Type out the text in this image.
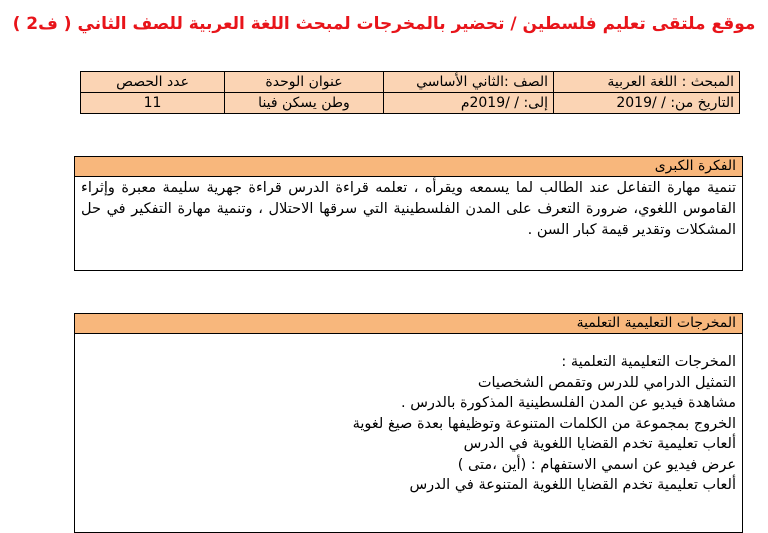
موقع ملتقى تعليم فلسطين / تحضير بالمخرجات لمبحث اللغة العربية للصف الثاني ( ف2 )
المبحث : اللغة العربية	الصف :الثاني الأساسي	عنوان الوحدة	عدد الحصص
التاريخ من: / /2019	إلى: / /2019م	وطن يسكن فينا	11
الفكرة الكبرى
تنمية مهارة التفاعل عند الطالب لما يسمعه ويقرأه ، تعلمه قراءة الدرس قراءة جهرية سليمة معبرة وإثراء القاموس اللغوي، ضرورة التعرف على المدن الفلسطينية التي سرقها الاحتلال ، وتنمية مهارة التفكير في حل المشكلات وتقدير قيمة كبار السن .
المخرجات التعليمية التعلمية
المخرجات التعليمية التعلمية :
التمثيل الدرامي للدرس وتقمص الشخصيات
مشاهدة فيديو عن المدن الفلسطينية المذكورة بالدرس .
الخروج بمجموعة من الكلمات المتنوعة وتوظيفها بعدة صيغ لغوية
ألعاب تعليمية تخدم القضايا اللغوية في الدرس
عرض فيديو عن اسمي الاستفهام : (أين ،متى )
ألعاب تعليمية تخدم القضايا اللغوية المتنوعة في الدرس
